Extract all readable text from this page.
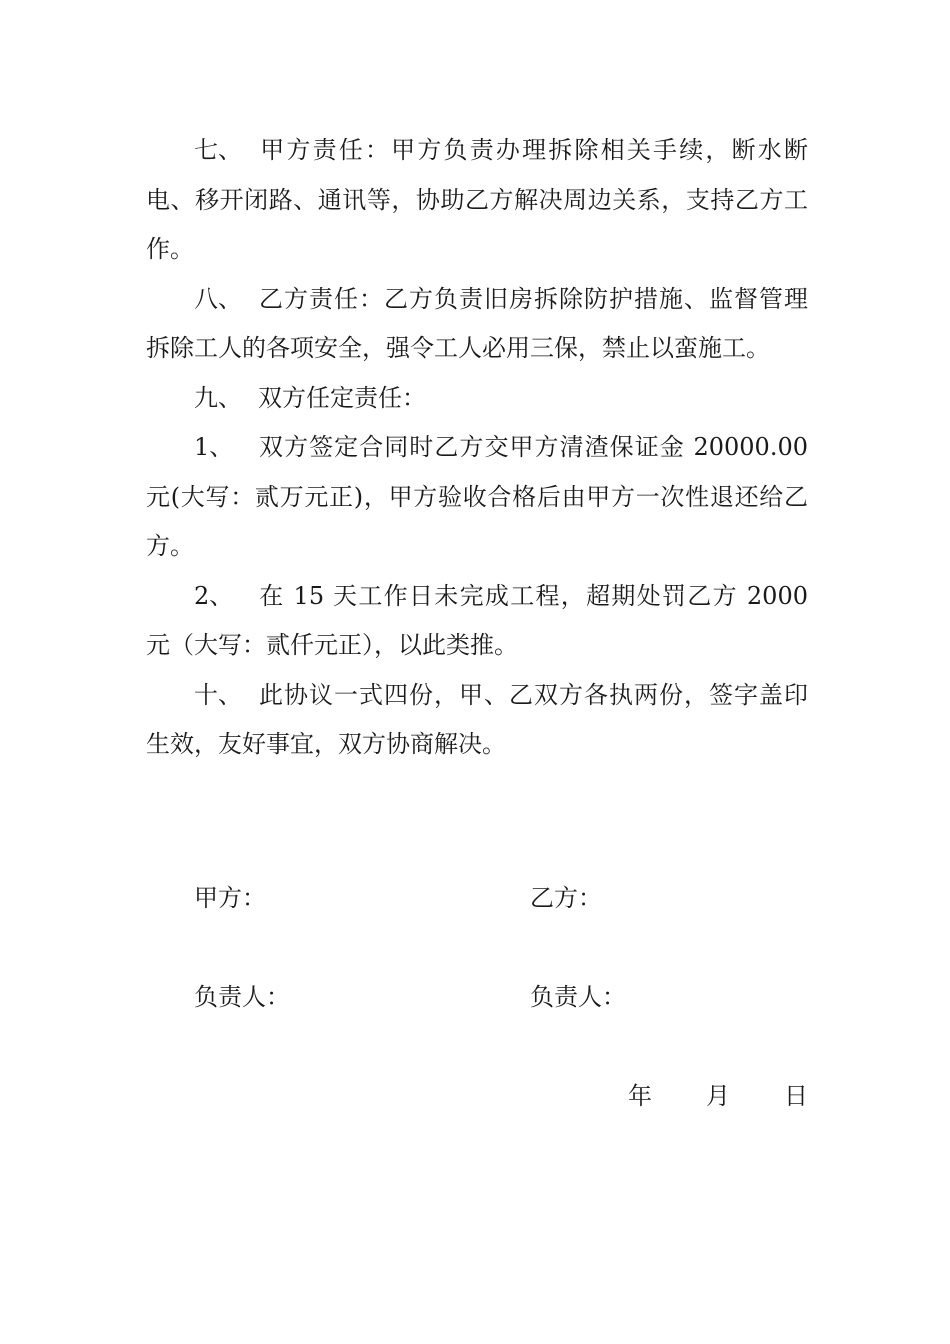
七、 甲方责任：甲方负责办理拆除相关手续，断水断电、移开闭路、通讯等，协助乙方解决周边关系，支持乙方工作。

八、 乙方责任：乙方负责旧房拆除防护措施、监督管理拆除工人的各项安全，强令工人必用三保，禁止以蛮施工。

九、 双方任定责任：

1、 双方签定合同时乙方交甲方清渣保证金 20000.00 元(大写：贰万元正)，甲方验收合格后由甲方一次性退还给乙方。

2、 在 15 天工作日未完成工程，超期处罚乙方 2000 元（大写：贰仟元正），以此类推。

十、 此协议一式四份，甲、乙双方各执两份，签字盖印生效，友好事宜，双方协商解决。

甲方：	乙方：
负责人：	负责人：
年 月 日
